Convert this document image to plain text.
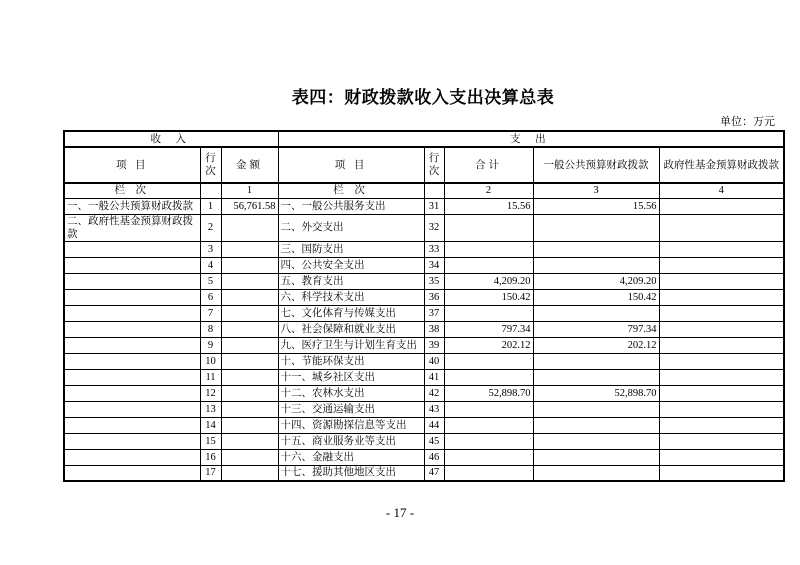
表四：财政拨款收入支出决算总表
单位：万元
收 入			支 出				
项 目	行次	金额	项 目	行次	合计	一般公共预算财政拨款	政府性基金预算财政拨款
栏 次		1	栏 次		2	3	4
一、一般公共预算财政拨款	1	56,761.58	一、一般公共服务支出	31	15.56	15.56	
二、政府性基金预算财政拨款	2		二、外交支出	32			
	3		三、国防支出	33			
	4		四、公共安全支出	34			
	5		五、教育支出	35	4,209.20	4,209.20	
	6		六、科学技术支出	36	150.42	150.42	
	7		七、文化体育与传媒支出	37			
	8		八、社会保障和就业支出	38	797.34	797.34	
	9		九、医疗卫生与计划生育支出	39	202.12	202.12	
	10		十、节能环保支出	40			
	11		十一、城乡社区支出	41			
	12		十二、农林水支出	42	52,898.70	52,898.70	
	13		十三、交通运输支出	43			
	14		十四、资源勘探信息等支出	44			
	15		十五、商业服务业等支出	45			
	16		十六、金融支出	46			
	17		十七、援助其他地区支出	47			
- 17 -
